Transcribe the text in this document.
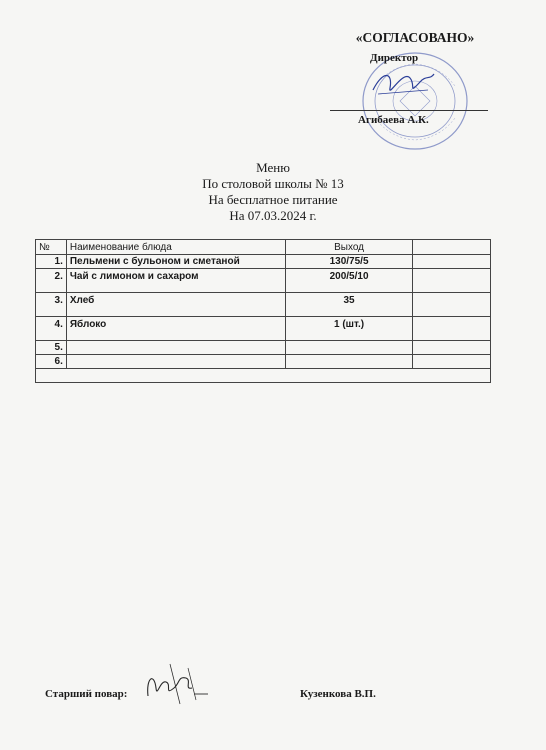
«СОГЛАСОВАНО»
Директор
Агибаева А.К.
Меню
По столовой школы № 13
На бесплатное питание
На 07.03.2024 г.
№	Наименование блюда	Выход	
1.	Пельмени с бульоном и сметаной	130/75/5	
2.	Чай с лимоном и сахаром	200/5/10	
3.	Хлеб	35	
4.	Яблоко	1 (шт.)	
5.			
6.			

Старший повар:	Кузенкова В.П.
